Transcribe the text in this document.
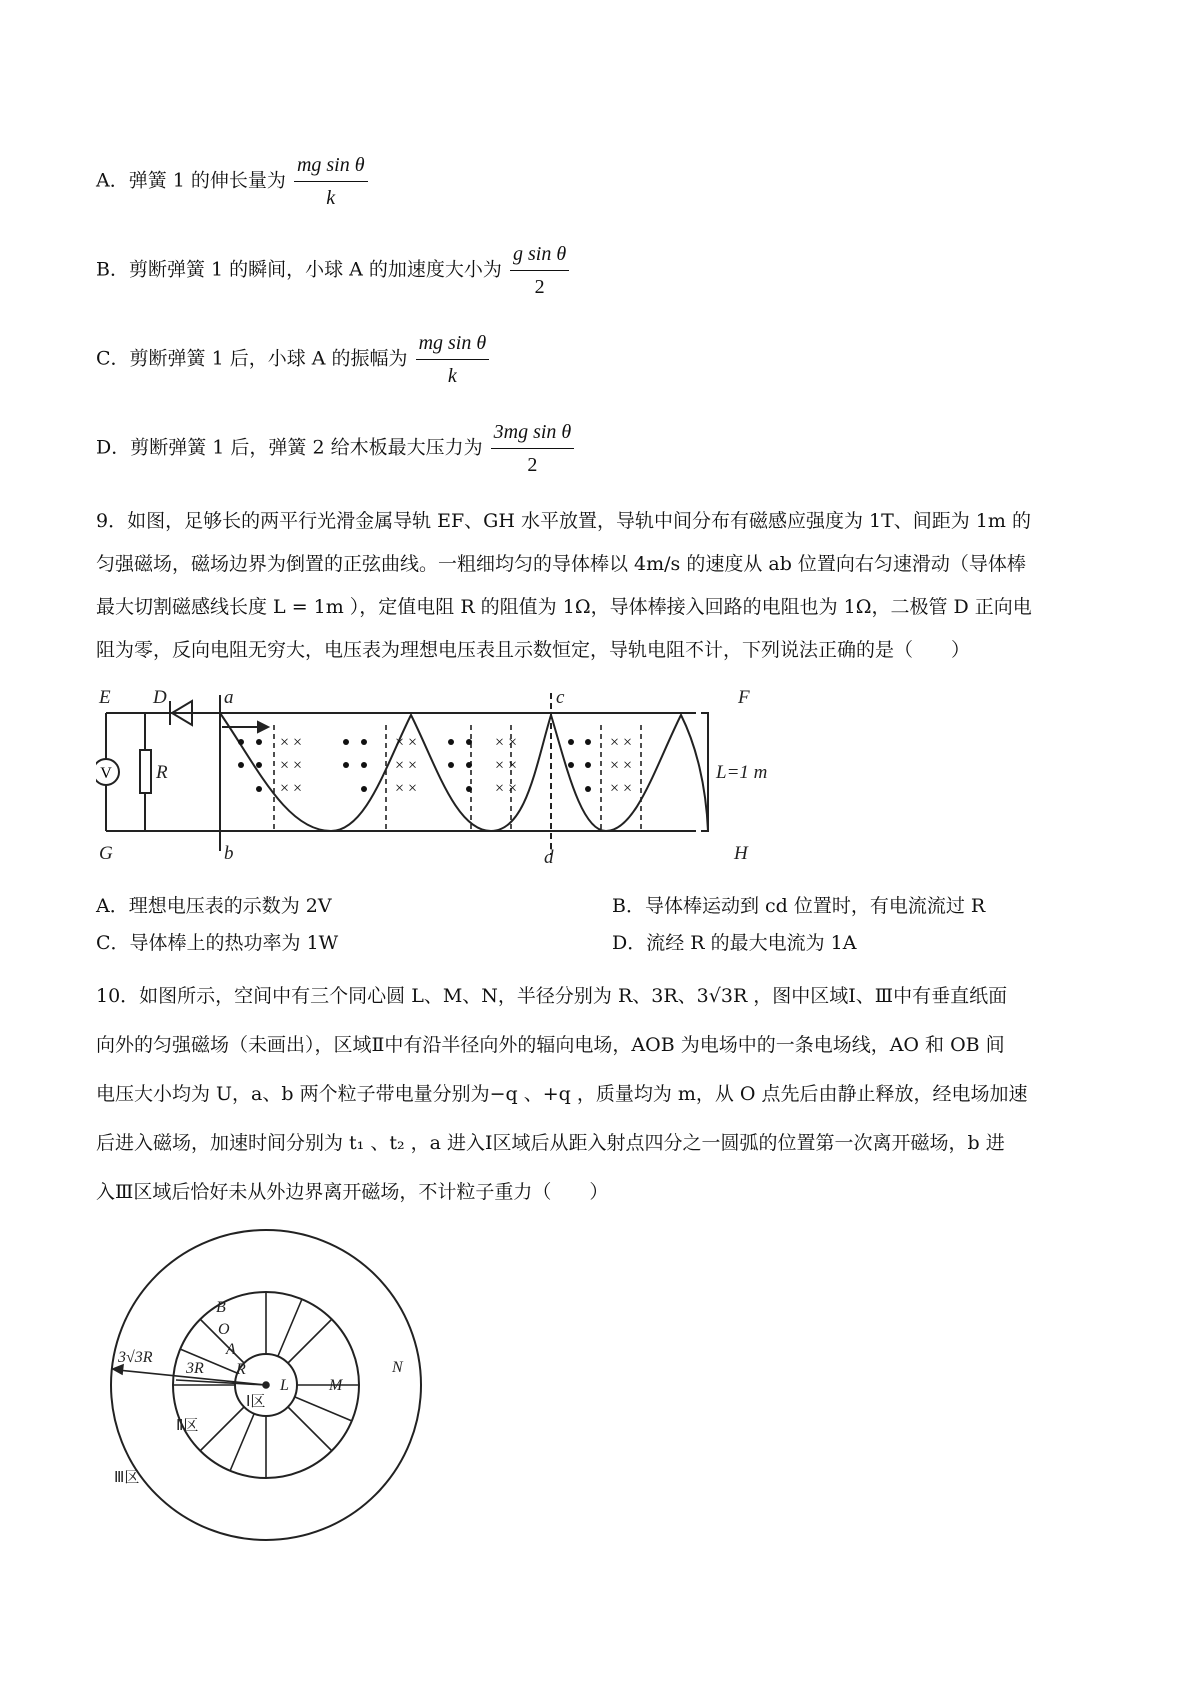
A．弹簧 1 的伸长量为 $\frac{\text{mg sin θ}}{k}$
B．剪断弹簧 1 的瞬间，小球 A 的加速度大小为 $\frac{\text{g sin θ}}{2}$
C．剪断弹簧 1 后，小球 A 的振幅为 $\frac{\text{mg sin θ}}{k}$
D．剪断弹簧 1 后，弹簧 2 给木板最大压力为 $\frac{\text{3mg sin θ}}{2}$
9．如图，足够长的两平行光滑金属导轨 EF、GH 水平放置，导轨中间分布有磁感应强度为 1T、间距为 1m 的
匀强磁场，磁场边界为倒置的正弦曲线。一粗细均匀的导体棒以 4m/s 的速度从 ab 位置向右匀速滑动（导体棒
最大切割磁感线长度 L = 1m ），定值电阻 R 的阻值为 1Ω，导体棒接入回路的电阻也为 1Ω，二极管 D 正向电
阻为零，反向电阻无穷大，电压表为理想电压表且示数恒定，导轨电阻不计，下列说法正确的是（　　）
V
× ×
× ×
× ×
× ×
× ×
× ×
× ×
× ×
× ×
× ×
× ×
× ×
E D	a	c	F
R	L=1 m
G	b	d	H
A．理想电压表的示数为 2V	B．导体棒运动到 cd 位置时，有电流流过 R
C．导体棒上的热功率为 1W	D．流经 R 的最大电流为 1A
10．如图所示，空间中有三个同心圆 L、M、N，半径分别为 R、3R、3√3R ，图中区域Ⅰ、Ⅲ中有垂直纸面
向外的匀强磁场（未画出），区域Ⅱ中有沿半径向外的辐向电场，AOB 为电场中的一条电场线，AO 和 OB 间
电压大小均为 U，a、b 两个粒子带电量分别为−q 、+q ，质量均为 m，从 O 点先后由静止释放，经电场加速
后进入磁场，加速时间分别为 t₁ 、t₂ ，a 进入Ⅰ区域后从距入射点四分之一圆弧的位置第一次离开磁场，b 进
入Ⅲ区域后恰好未从外边界离开磁场，不计粒子重力（　　）
B
O
A
R
3R
3√3R
L	M
N
Ⅰ区
Ⅱ区
Ⅲ区
